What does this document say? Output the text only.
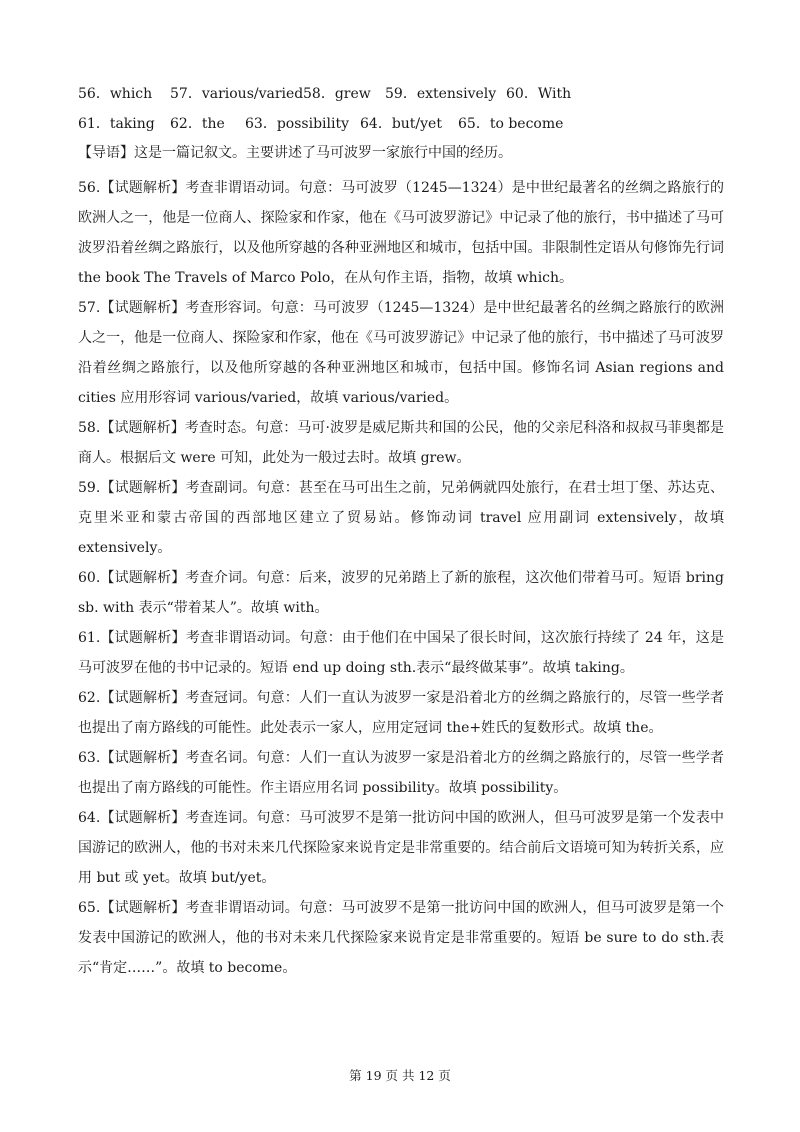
56．which 57．various/varied58．grew 59．extensively 60．With
61．taking 62．the 63．possibility 64．but/yet 65．to become
【导语】这是一篇记叙文。主要讲述了马可波罗一家旅行中国的经历。

56.【试题解析】考查非谓语动词。句意：马可波罗（1245—1324）是中世纪最著名的丝绸之路旅行的欧洲人之一，他是一位商人、探险家和作家，他在《马可波罗游记》中记录了他的旅行，书中描述了马可波罗沿着丝绸之路旅行，以及他所穿越的各种亚洲地区和城市，包括中国。非限制性定语从句修饰先行词 the book The Travels of Marco Polo，在从句作主语，指物，故填 which。

57.【试题解析】考查形容词。句意：马可波罗（1245—1324）是中世纪最著名的丝绸之路旅行的欧洲人之一，他是一位商人、探险家和作家，他在《马可波罗游记》中记录了他的旅行，书中描述了马可波罗沿着丝绸之路旅行，以及他所穿越的各种亚洲地区和城市，包括中国。修饰名词 Asian regions and cities 应用形容词 various/varied，故填 various/varied。

58.【试题解析】考查时态。句意：马可·波罗是威尼斯共和国的公民，他的父亲尼科洛和叔叔马菲奥都是商人。根据后文 were 可知，此处为一般过去时。故填 grew。

59.【试题解析】考查副词。句意：甚至在马可出生之前，兄弟俩就四处旅行，在君士坦丁堡、苏达克、克里米亚和蒙古帝国的西部地区建立了贸易站。修饰动词 travel 应用副词 extensively，故填 extensively。

60.【试题解析】考查介词。句意：后来，波罗的兄弟踏上了新的旅程，这次他们带着马可。短语 bring sb. with 表示“带着某人”。故填 with。

61.【试题解析】考查非谓语动词。句意：由于他们在中国呆了很长时间，这次旅行持续了 24 年，这是马可波罗在他的书中记录的。短语 end up doing sth.表示“最终做某事”。故填 taking。

62.【试题解析】考查冠词。句意：人们一直认为波罗一家是沿着北方的丝绸之路旅行的，尽管一些学者也提出了南方路线的可能性。此处表示一家人，应用定冠词 the+姓氏的复数形式。故填 the。

63.【试题解析】考查名词。句意：人们一直认为波罗一家是沿着北方的丝绸之路旅行的，尽管一些学者也提出了南方路线的可能性。作主语应用名词 possibility。故填 possibility。

64.【试题解析】考查连词。句意：马可波罗不是第一批访问中国的欧洲人，但马可波罗是第一个发表中国游记的欧洲人，他的书对未来几代探险家来说肯定是非常重要的。结合前后文语境可知为转折关系，应用 but 或 yet。故填 but/yet。

65.【试题解析】考查非谓语动词。句意：马可波罗不是第一批访问中国的欧洲人，但马可波罗是第一个发表中国游记的欧洲人，他的书对未来几代探险家来说肯定是非常重要的。短语 be sure to do sth.表示“肯定……”。故填 to become。

第 19 页 共 12 页
